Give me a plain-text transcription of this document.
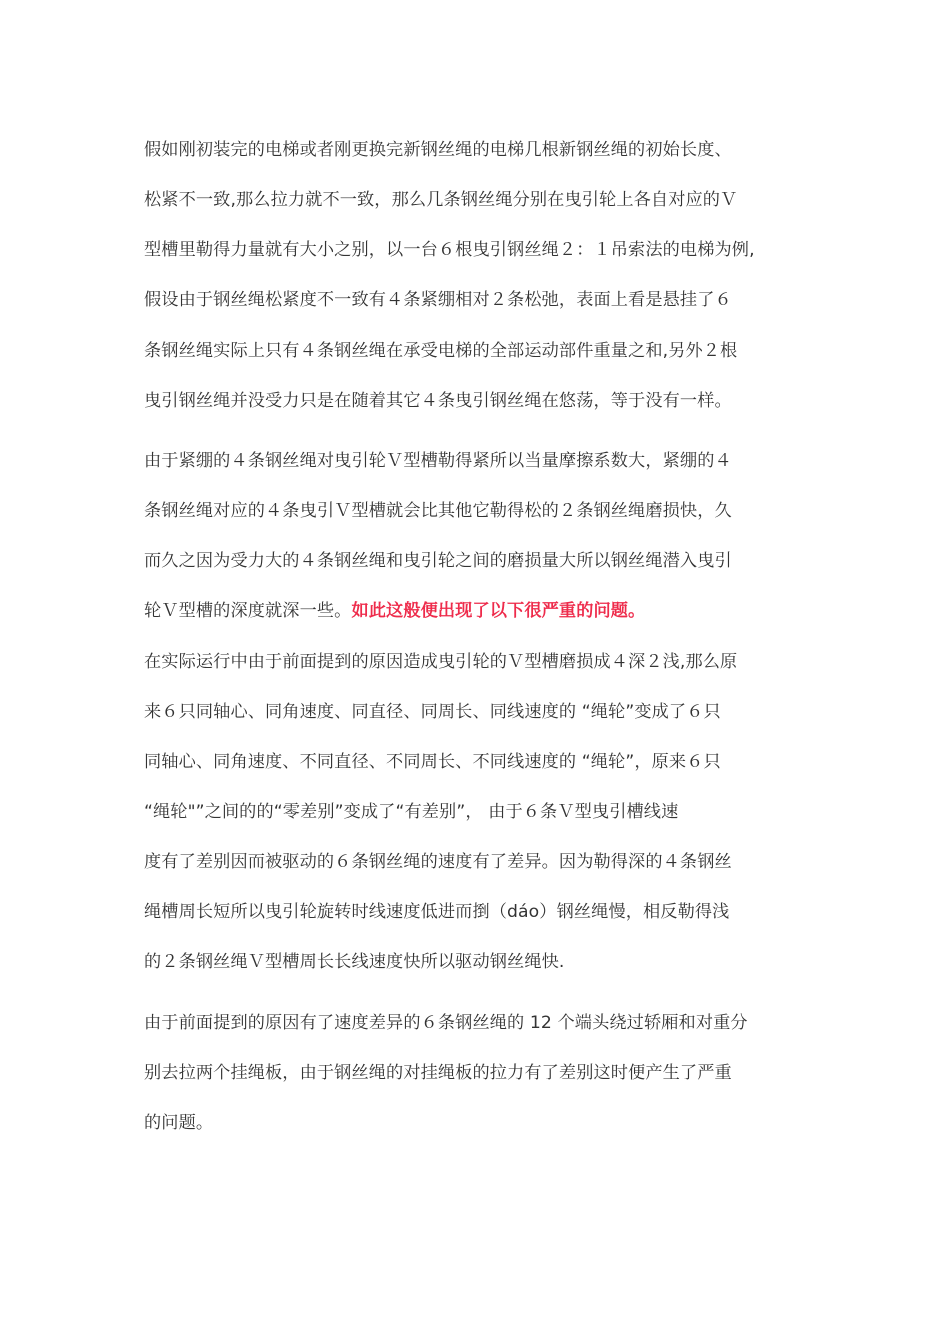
假如刚初装完的电梯或者刚更换完新钢丝绳的电梯几根新钢丝绳的初始长度、
松紧不一致,那么拉力就不一致，那么几条钢丝绳分别在曳引轮上各自对应的Ｖ
型槽里勒得力量就有大小之别，以一台６根曳引钢丝绳２：１吊索法的电梯为例,
假设由于钢丝绳松紧度不一致有４条紧绷相对２条松弛，表面上看是悬挂了６
条钢丝绳实际上只有４条钢丝绳在承受电梯的全部运动部件重量之和,另外２根
曳引钢丝绳并没受力只是在随着其它４条曳引钢丝绳在悠荡，等于没有一样。
由于紧绷的４条钢丝绳对曳引轮Ｖ型槽勒得紧所以当量摩擦系数大，紧绷的４
条钢丝绳对应的４条曳引Ｖ型槽就会比其他它勒得松的２条钢丝绳磨损快，久
而久之因为受力大的４条钢丝绳和曳引轮之间的磨损量大所以钢丝绳潜入曳引
轮Ｖ型槽的深度就深一些。如此这般便出现了以下很严重的问题。
在实际运行中由于前面提到的原因造成曳引轮的Ｖ型槽磨损成４深２浅,那么原
来６只同轴心、同角速度、同直径、同周长、同线速度的 “绳轮”变成了６只
同轴心、同角速度、不同直径、不同周长、不同线速度的 “绳轮”，原来６只
“绳轮"”之间的的“零差别”变成了“有差别”， 由于６条Ｖ型曳引槽线速
度有了差别因而被驱动的６条钢丝绳的速度有了差异。因为勒得深的４条钢丝
绳槽周长短所以曳引轮旋转时线速度低进而捯（dáo）钢丝绳慢，相反勒得浅
的２条钢丝绳Ｖ型槽周长长线速度快所以驱动钢丝绳快.
由于前面提到的原因有了速度差异的６条钢丝绳的 12 个端头绕过轿厢和对重分
别去拉两个挂绳板，由于钢丝绳的对挂绳板的拉力有了差别这时便产生了严重
的问题。
